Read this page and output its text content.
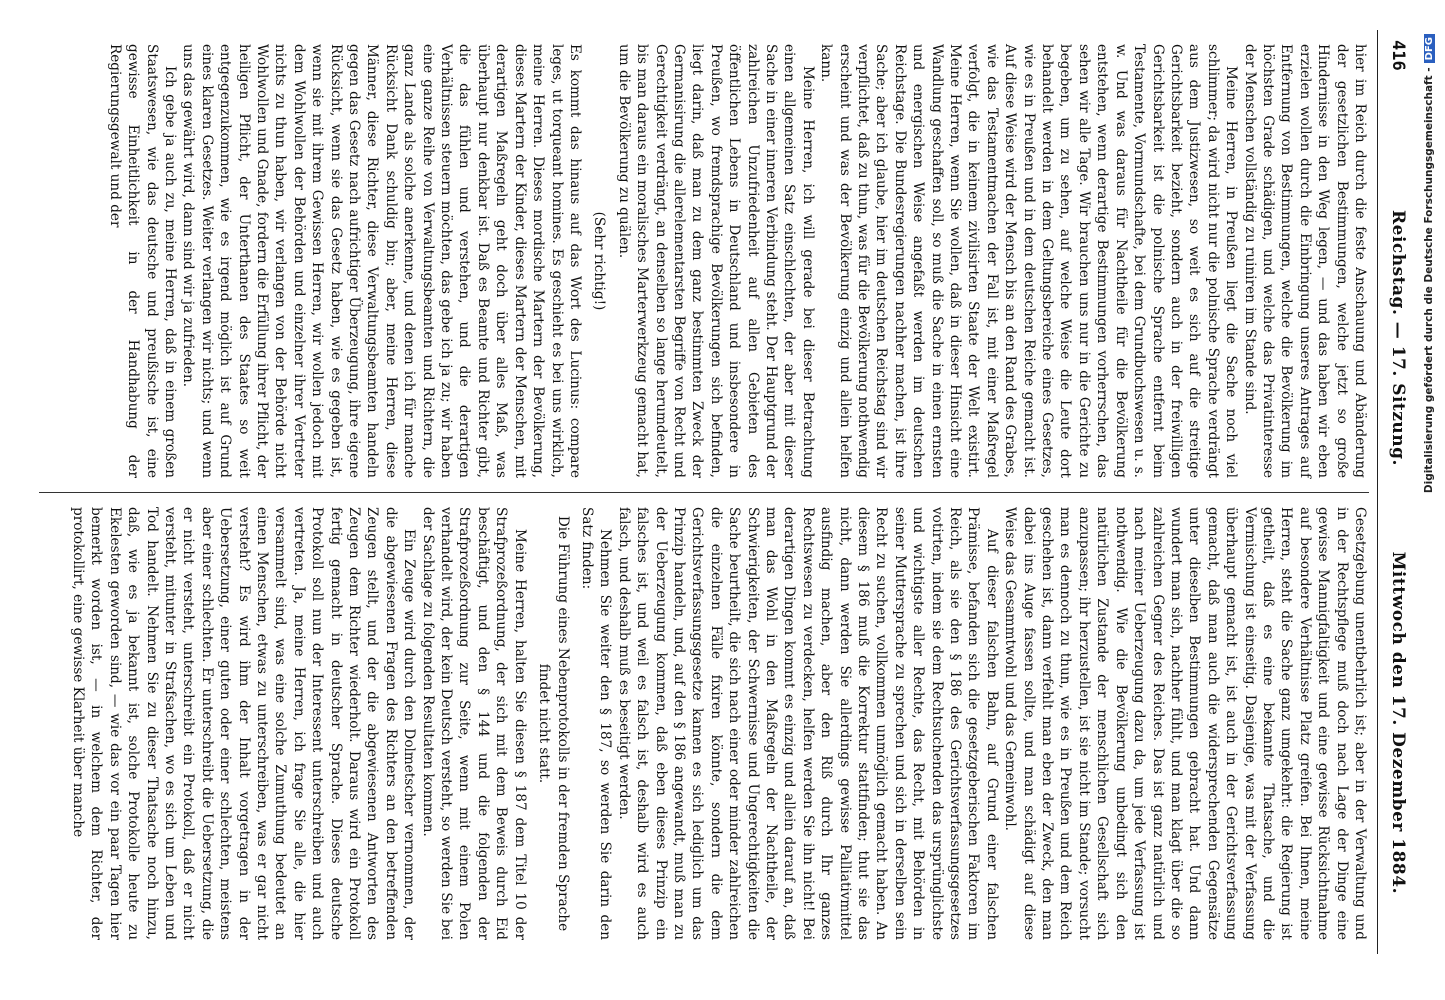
416
Reichstag. — 17. Sitzung.
Mittwoch den 17. Dezember 1884.

hier im Reich durch die feste Anschauung und Abänderung der gesetzlichen Bestimmungen, welche jetzt so große Hindernisse in den Weg legen, — und das haben wir eben erzielen wollen durch die Einbringung unseres Antrages auf Entfernung von Bestimmungen, welche die Bevölkerung im höchsten Grade schädigen, und welche das Privatinteresse der Menschen vollständig zu ruiniren im Stande sind.

Meine Herren, in Preußen liegt die Sache noch viel schlimmer; da wird nicht nur die polnische Sprache verdrängt aus dem Justizwesen, so weit es sich auf die streitige Gerichtsbarkeit bezieht, sondern auch in der freiwilligen Gerichtsbarkeit ist die polnische Sprache entfernt beim Testamente, Vormundschafte, bei dem Grundbuchswesen u. s. w. Und was daraus für Nachtheile für die Bevölkerung entstehen, wenn derartige Bestimmungen vorherrschen, das sehen wir alle Tage. Wir brauchen uns nur in die Gerichte zu begeben, um zu sehen, auf welche Weise die Leute dort behandelt werden in dem Geltungsbereiche eines Gesetzes, wie es in Preußen und in dem deutschen Reiche gemacht ist. Auf diese Weise wird der Mensch bis an den Rand des Grabes, wie das Testamentmachen der Fall ist, mit einer Maßregel verfolgt, die in keinem zivilisirten Staate der Welt existirt. Meine Herren, wenn Sie wollen, daß in dieser Hinsicht eine Wandlung geschaffen soll, so muß die Sache in einen ernsten und energischen Weise angefaßt werden im deutschen Reichstage. Die Bundesregierungen nachher machen, ist ihre Sache; aber ich glaube, hier im deutschen Reichstag sind wir verpflichtet, daß zu thun, was für die Bevölkerung nothwendig erscheint und was der Bevölkerung einzig und allein helfen kann.

Meine Herren, ich will gerade bei dieser Betrachtung einen allgemeinen Satz einschlechten, der aber mit dieser Sache in einer inneren Verbindung steht. Der Hauptgrund der zahlreichen Unzufriedenheit auf allen Gebieten des öffentlichen Lebens in Deutschland und insbesondere in Preußen, wo fremdsprachige Bevölkerungen sich befinden, liegt darin, daß man zu dem ganz bestimmten Zweck der Germanisirung die allerelementarsten Begriffe von Recht und Gerechtigkeit verdrängt, an denselben so lange herumdeutelt, bis man daraus ein moralisches Marterwerkzeug gemacht hat, um die Bevölkerung zu quälen.

(Sehr richtig!)

Es kommt das hinaus auf das Wort des Lucinus: compare leges, ut torqueant homines. Es geschieht es bei uns wirklich, meine Herren. Dieses mordische Martern der Bevölkerung, dieses Martern der Kinder, dieses Martern der Menschen, mit derartigen Maßregeln geht doch über alles Maß, was überhaupt nur denkbar ist. Daß es Beamte und Richter gibt, die das fühlen und verstehen, und die derartigen Verhältnissen steuern möchten, das gebe ich ja zu; wir haben eine ganze Reihe von Verwaltungsbeamten und Richtern, die ganz Lande als solche anerkenne, und denen ich für manche Rücksicht Dank schuldig bin; aber, meine Herren, diese Männer, diese Richter, diese Verwaltungsbeamten handeln gegen das Gesetz nach aufrichtiger Überzeugung, ihre eigene Rücksicht, wenn sie das Gesetz haben, wie es gegeben ist, wenn sie mit ihrem Gewissen Herren, wir wollen jedoch mit dem Wohlwollen der Behörden und einzelner ihrer Vertreter nichts zu thun haben, wir verlangen von der Behörde nicht Wohlwollen und Gnade, fordern die Erfüllung ihrer Pflicht, der heiligen Pflicht, der Unterthanen des Staates so weit entgegenzukommen, wie es irgend möglich ist auf Grund eines klaren Gesetzes. Weiter verlangen wir nichts; und wenn uns das gewährt wird, dann sind wir ja zufrieden.

Ich gebe ja auch zu, meine Herren, daß in einem großen Staatswesen, wie das deutsche und preußische ist, eine gewisse Einheitlichkeit in der Handhabung der Regierungsgewalt und der

Gesetzgebung unentbehrlich ist; aber in der Verwaltung und in der Rechtspflege muß doch nach Lage der Dinge eine gewisse Mannigfaltigkeit und eine gewisse Rücksichtnahme auf besondere Verhältnisse Platz greifen. Bei Ihnen, meine Herren, steht die Sache ganz umgekehrt: die Regierung ist getheilt, daß es eine bekannte Thatsache, und die Vermischung ist einseitig. Dasjenige, was mit der Verfassung überhaupt gemacht ist, ist auch in der Gerichtsverfassung gemacht, daß man auch die widersprechenden Gegensätze unter dieselben Bestimmungen gebracht hat. Und dann wundert man sich, nachher fühlt, und man klagt über die so zahlreichen Gegner des Reiches. Das ist ganz natürlich und nach meiner Ueberzeugung dazu da, um jede Verfassung ist nothwendig. Wie die Bevölkerung unbedingt sich den natürlichen Zustande der menschlichen Gesellschaft sich anzupassen; ihr herzustellen, ist sie nicht im Stande; vorsucht man es dennoch zu thun, wie es in Preußen und dem Reich geschehen ist, dann verfehlt man eben der Zweck, den man dabei ins Auge fassen sollte, und man schädigt auf diese Weise das Gesammtwohl und das Gemeinwohl.

Auf dieser falschen Bahn, auf Grund einer falschen Prämisse, befanden sich die gesetzgeberischen Faktoren im Reich, als sie den § 186 des Gerichtsverfassungsgesetzes votirten, indem sie dem Rechtsuchenden das ursprünglichste und wichtigste aller Rechte, das Recht, mit Behörden in seiner Muttersprache zu sprechen und sich in derselben sein Recht zu suchen, vollkommen unmöglich gemacht haben. An diesem § 186 muß die Korrektur stattfinden; thut sie das nicht, dann werden Sie allerdings gewisse Palliativmittel ausfindig machen, aber den Riß durch Ihr ganzes Rechtswesen zu verdecken, helfen werden Sie ihn nicht! Bei derartigen Dingen kommt es einzig und allein darauf an, daß man das Wohl in den Maßregeln der Nachtheile, der Schwierigkeiten, der Schwernisse und Ungerechtigkeiten die Sache beurtheilt, die sich nach einer oder minder zahlreichen die einzelnen Fälle fixiren könnte, sondern die dem Gerichtsverfassungsgesetze kamen es sich lediglich um das Prinzip handeln, und, auf den § 186 angewandt, muß man zu der Ueberzeugung kommen, daß eben dieses Prinzip ein falsches ist, und weil es falsch ist, deshalb wird es auch falsch, und deshalb muß es beseitigt werden.

Nehmen Sie weiter den § 187, so werden Sie darin den Satz finden:

Die Führung eines Nebenprotokolls in der fremden Sprache findet nicht statt.

Meine Herren, halten Sie diesen § 187 dem Titel 10 der Strafprozeßordnung, der sich mit dem Beweis durch Eid beschäftigt, und den § 144 und die folgenden der Strafprozeßordnung zur Seite, wenn mit einem Polen verhandelt wird, der kein Deutsch versteht, so werden Sie bei der Sachlage zu folgenden Resultaten kommen.

Ein Zeuge wird durch den Dolmetscher vernommen, der die abgewiesenen Fragen des Richters an den betreffenden Zeugen stellt, und der die abgewiesenen Antworten des Zeugen dem Richter wiederholt. Daraus wird ein Protokoll fertig gemacht in deutscher Sprache. Dieses deutsche Protokoll soll nun der Interessent unterschreiben und auch vertreten. Ja, meine Herren, ich frage Sie alle, die hier versammelt sind, was eine solche Zumuthung bedeutet an einen Menschen, etwas zu unterschreiben, was er gar nicht versteht? Es wird ihm der Inhalt vorgetragen in der Uebersetzung, einer guten oder einer schlechten, meistens aber einer schlechten. Er unterschreibt die Uebersetzung, die er nicht versteht, unterschreibt ein Protokoll, daß er nicht versteht, mitunter in Strafsachen, wo es sich um Leben und Tod handelt. Nehmen Sie zu dieser Thatsache noch hinzu, daß, wie es ja bekannt ist, solche Protokolle heute zu Ekelesten geworden sind, — wie das vor ein paar Tagen hier bemerkt worden ist, — in welchem dem Richter, der protokollirt, eine gewisse Klarheit über manche

Digitalisierung gefördert durch die Deutsche Forschungsgemeinschaft -DFG
